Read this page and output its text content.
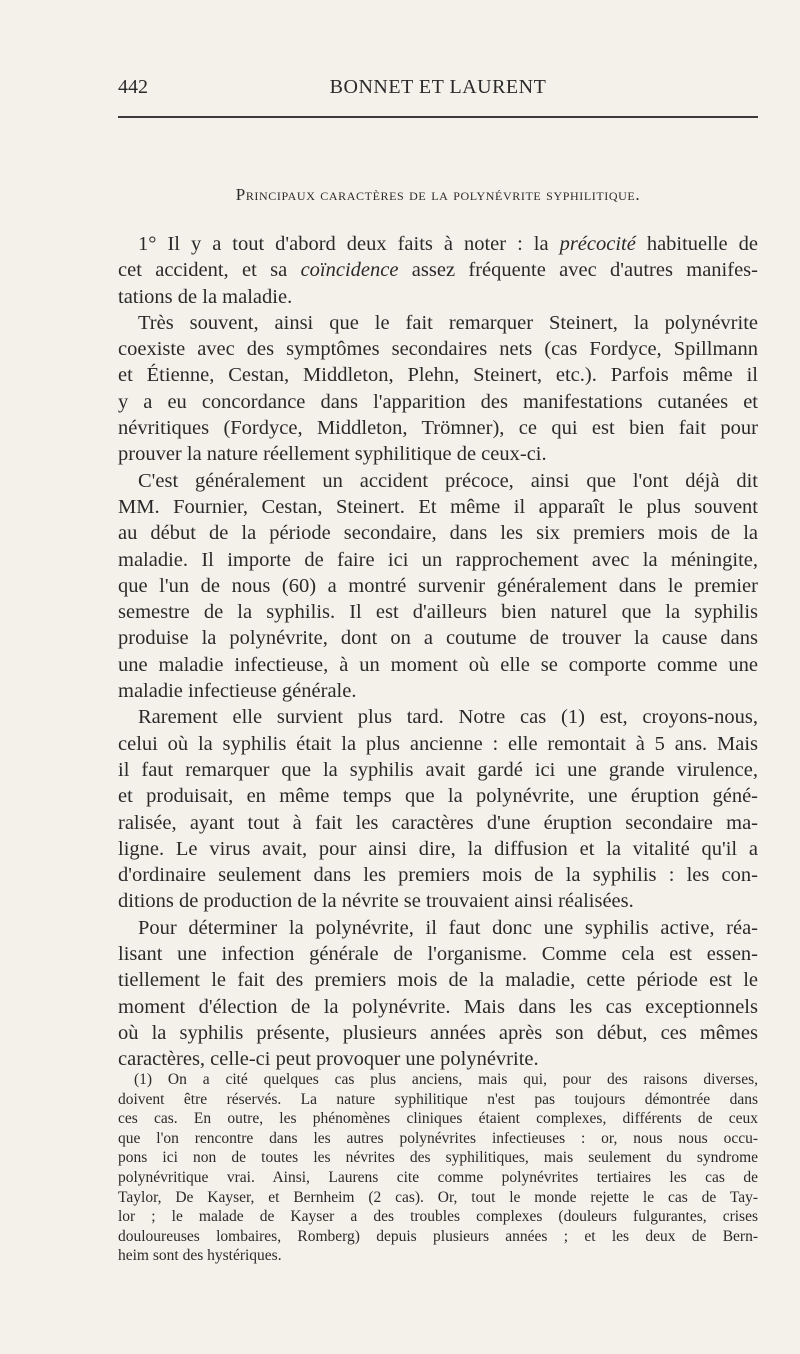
442	BONNET ET LAURENT
Principaux caractères de la polynévrite syphilitique.
1° Il y a tout d'abord deux faits à noter : la précocité habituelle de
cet accident, et sa coïncidence assez fréquente avec d'autres manifes-
tations de la maladie.
Très souvent, ainsi que le fait remarquer Steinert, la polynévrite
coexiste avec des symptômes secondaires nets (cas Fordyce, Spillmann
et Étienne, Cestan, Middleton, Plehn, Steinert, etc.). Parfois même il
y a eu concordance dans l'apparition des manifestations cutanées et
névritiques (Fordyce, Middleton, Trömner), ce qui est bien fait pour
prouver la nature réellement syphilitique de ceux-ci.
C'est généralement un accident précoce, ainsi que l'ont déjà dit
MM. Fournier, Cestan, Steinert. Et même il apparaît le plus souvent
au début de la période secondaire, dans les six premiers mois de la
maladie. Il importe de faire ici un rapprochement avec la méningite,
que l'un de nous (60) a montré survenir généralement dans le premier
semestre de la syphilis. Il est d'ailleurs bien naturel que la syphilis
produise la polynévrite, dont on a coutume de trouver la cause dans
une maladie infectieuse, à un moment où elle se comporte comme une
maladie infectieuse générale.
Rarement elle survient plus tard. Notre cas (1) est, croyons-nous,
celui où la syphilis était la plus ancienne : elle remontait à 5 ans. Mais
il faut remarquer que la syphilis avait gardé ici une grande virulence,
et produisait, en même temps que la polynévrite, une éruption géné-
ralisée, ayant tout à fait les caractères d'une éruption secondaire ma-
ligne. Le virus avait, pour ainsi dire, la diffusion et la vitalité qu'il a
d'ordinaire seulement dans les premiers mois de la syphilis : les con-
ditions de production de la névrite se trouvaient ainsi réalisées.
Pour déterminer la polynévrite, il faut donc une syphilis active, réa-
lisant une infection générale de l'organisme. Comme cela est essen-
tiellement le fait des premiers mois de la maladie, cette période est le
moment d'élection de la polynévrite. Mais dans les cas exceptionnels
où la syphilis présente, plusieurs années après son début, ces mêmes
caractères, celle-ci peut provoquer une polynévrite.
(1) On a cité quelques cas plus anciens, mais qui, pour des raisons diverses,
doivent être réservés. La nature syphilitique n'est pas toujours démontrée dans
ces cas. En outre, les phénomènes cliniques étaient complexes, différents de ceux
que l'on rencontre dans les autres polynévrites infectieuses : or, nous nous occu-
pons ici non de toutes les névrites des syphilitiques, mais seulement du syndrome
polynévritique vrai. Ainsi, Laurens cite comme polynévrites tertiaires les cas de
Taylor, De Kayser, et Bernheim (2 cas). Or, tout le monde rejette le cas de Tay-
lor ; le malade de Kayser a des troubles complexes (douleurs fulgurantes, crises
douloureuses lombaires, Romberg) depuis plusieurs années ; et les deux de Bern-
heim sont des hystériques.
